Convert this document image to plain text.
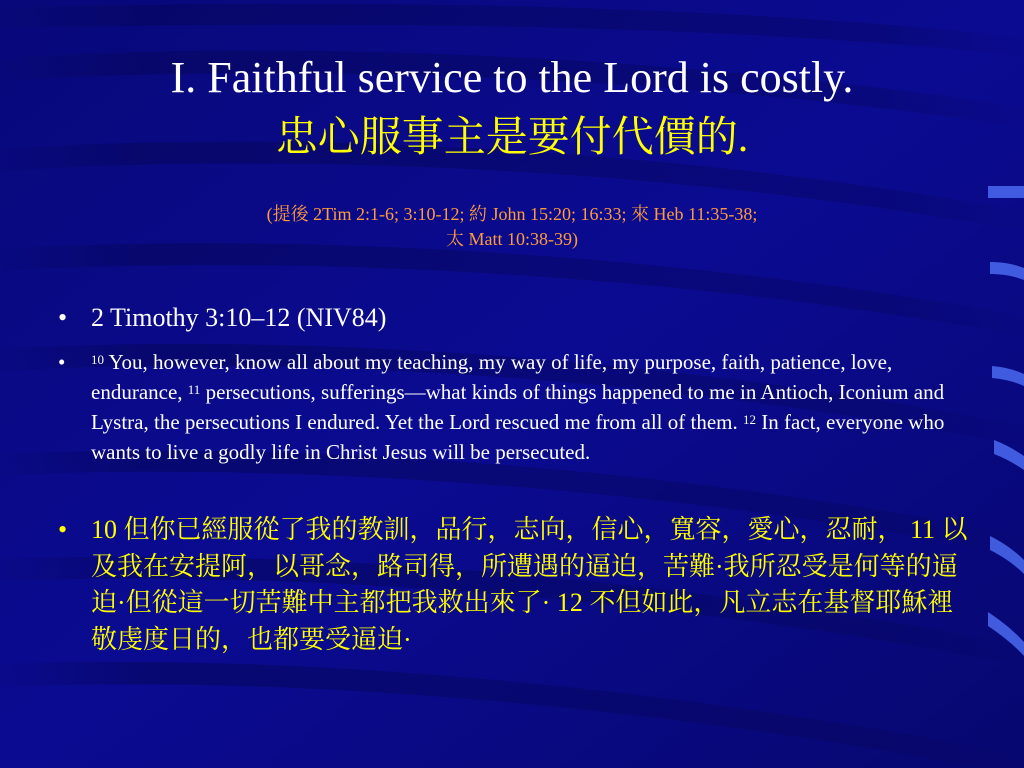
I. Faithful service to the Lord is costly.
忠心服事主是要付代價的.
(提後 2Tim 2:1-6; 3:10-12; 約 John 15:20; 16:33; 來 Heb 11:35-38;
太 Matt 10:38-39)
• 2 Timothy 3:10–12 (NIV84)
•	$^{10}$ You, however, know all about my teaching, my way of life, my purpose, faith, patience, love, endurance, $^{11}$ persecutions, sufferings—what kinds of things happened to me in Antioch, Iconium and Lystra, the persecutions I endured. Yet the Lord rescued me from all of them. $^{12}$ In fact, everyone who wants to live a godly life in Christ Jesus will be persecuted.
• 10 但你已經服從了我的教訓，品行，志向，信心，寬容，愛心，忍耐， 11 以及我在安提阿，以哥念，路司得，所遭遇的逼迫，苦難·我所忍受是何等的逼迫·但從這一切苦難中主都把我救出來了· 12 不但如此，凡立志在基督耶穌裡敬虔度日的，也都要受逼迫·
